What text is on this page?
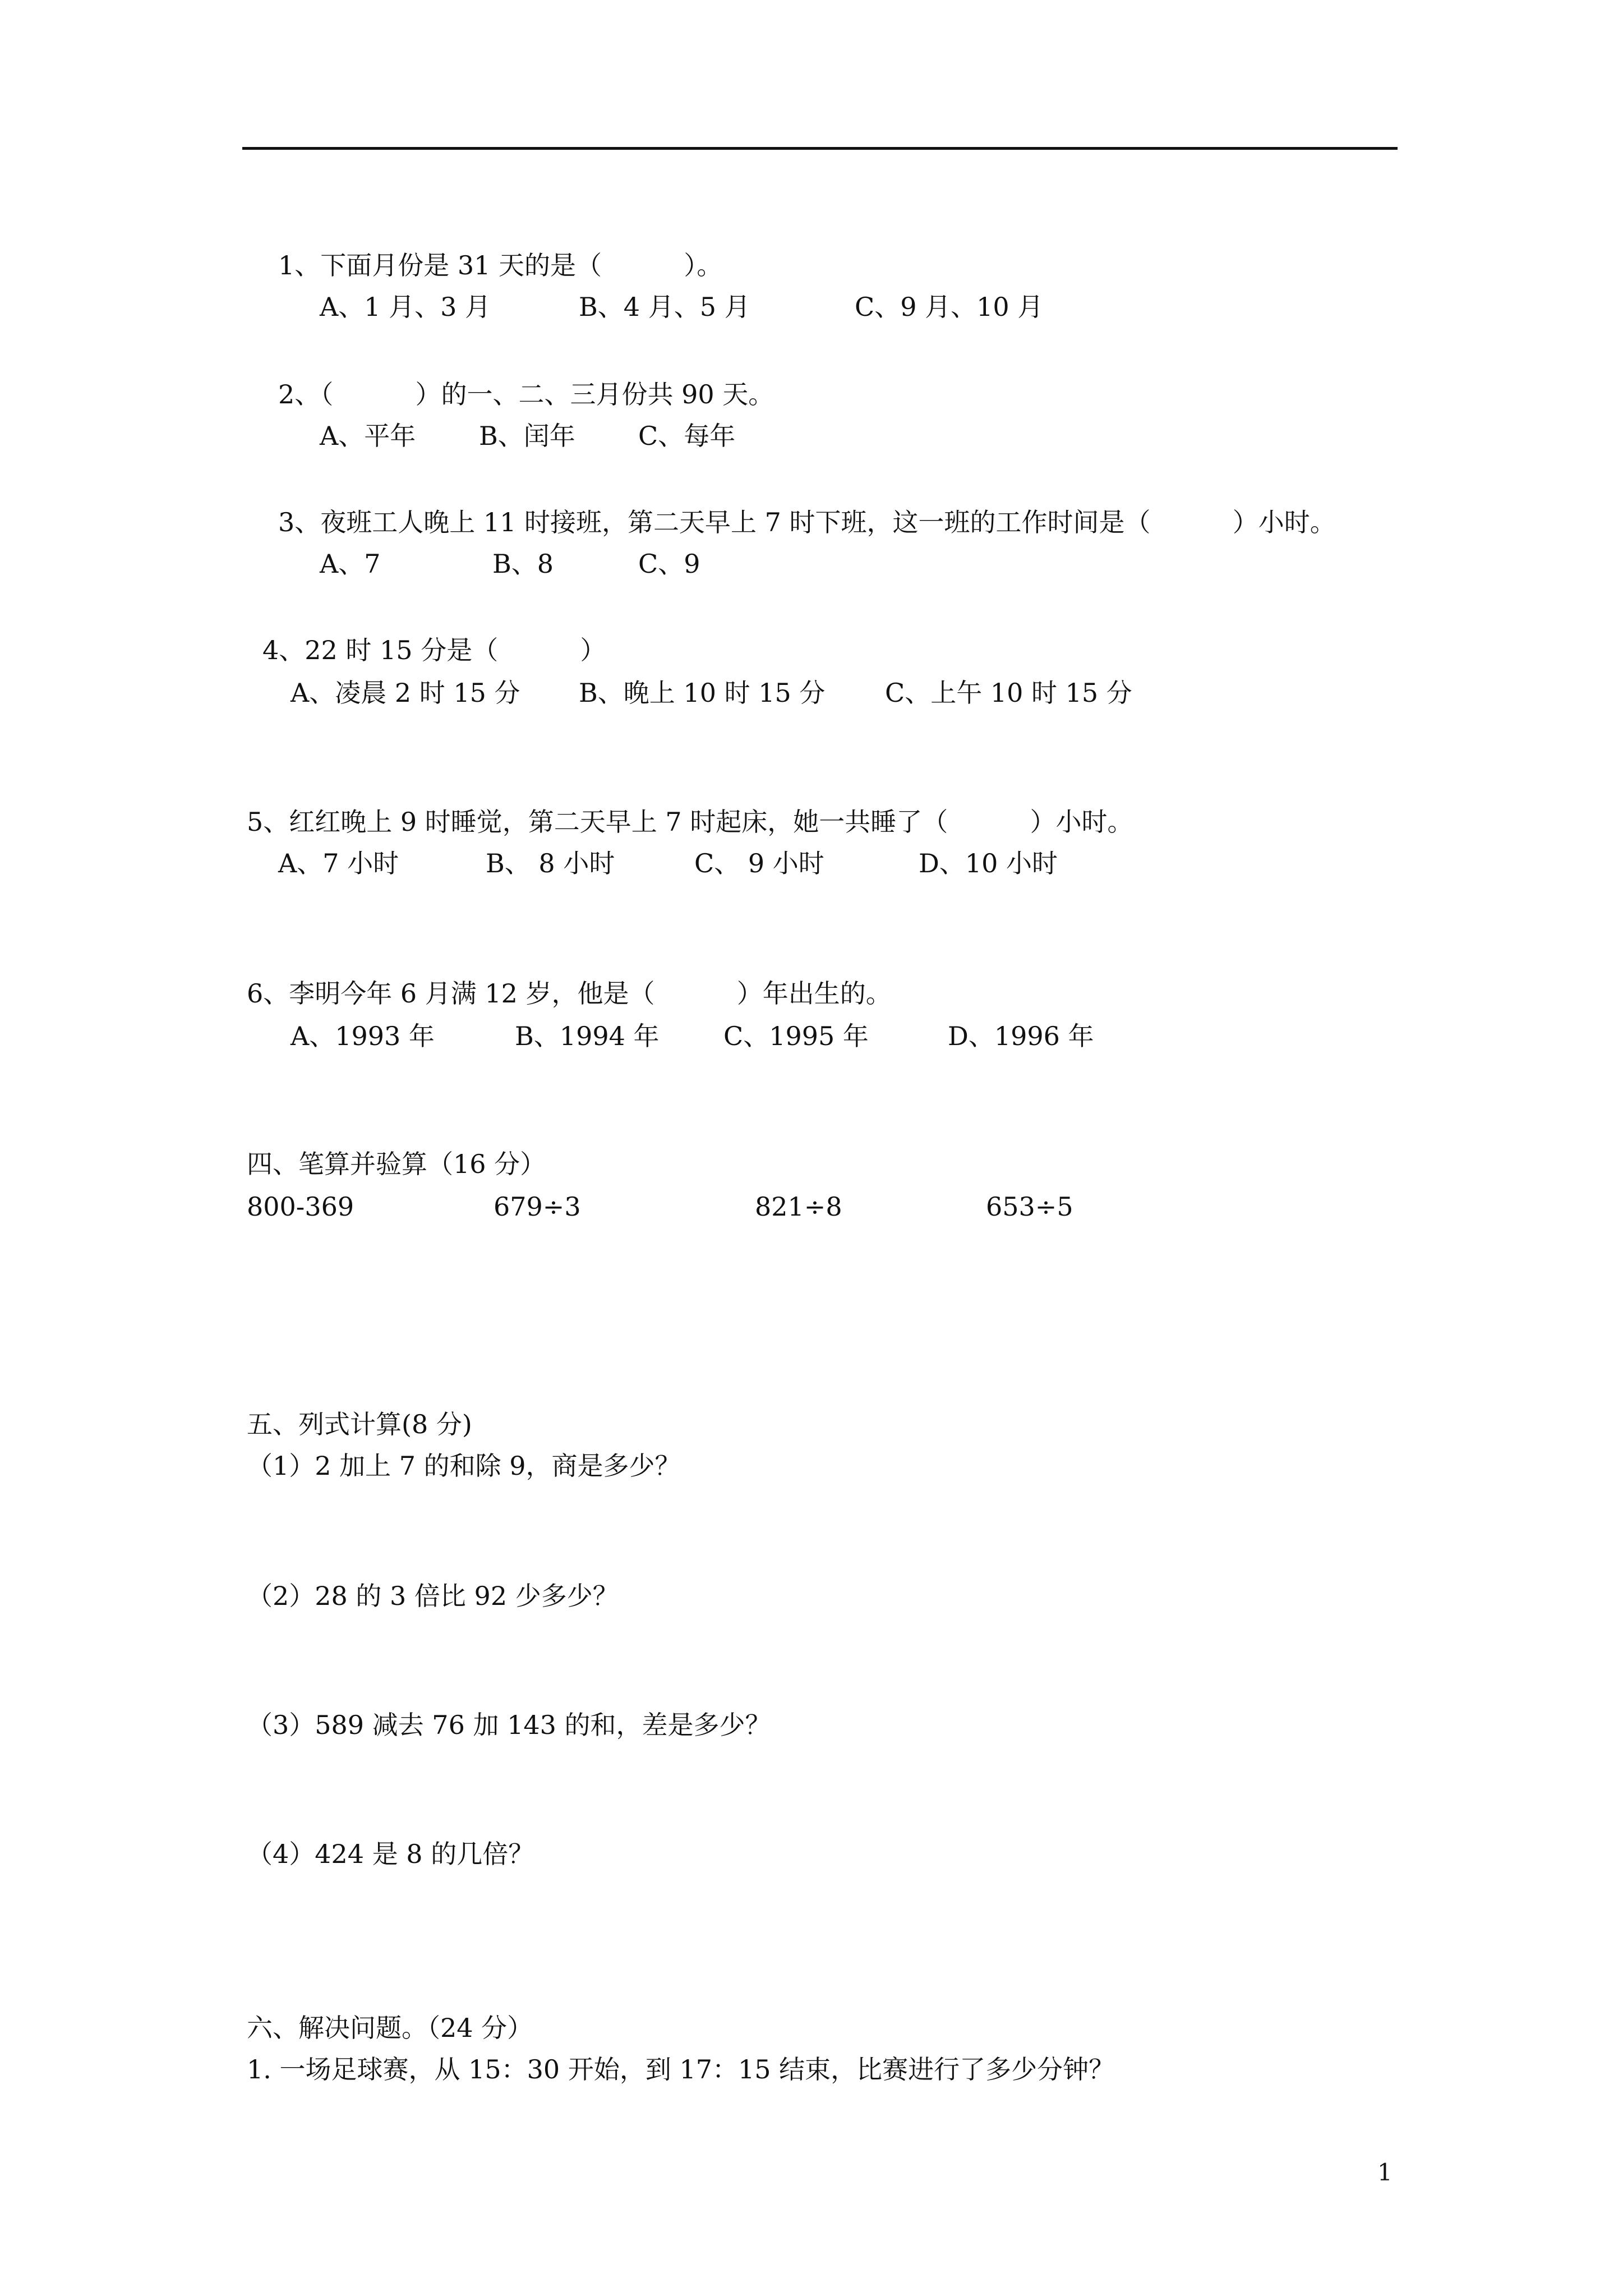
1、下面月份是 31 天的是（          ）。
A、1 月、3 月	B、4 月、5 月	C、9 月、10 月
2、（          ）的一、二、三月份共 90 天。
A、平年 B、闰年 C、每年
3、夜班工人晚上 11 时接班，第二天早上 7 时下班，这一班的工作时间是（          ）小时。
A、7	B、8	C、9
4、22 时 15 分是（          ）
A、凌晨 2 时 15 分 B、晚上 10 时 15 分 C、上午 10 时 15 分
5、红红晚上 9 时睡觉，第二天早上 7 时起床，她一共睡了（          ）小时。
A、7 小时	B、 8 小时	C、 9 小时	D、10 小时
6、李明今年 6 月满 12 岁，他是（          ）年出生的。
A、1993 年	B、1994 年 C、1995 年	D、1996 年
四、笔算并验算（16 分）
800-369	679÷3	821÷8	653÷5
五、列式计算(8 分)
（1）2 加上 7 的和除 9，商是多少？
（2）28 的 3 倍比 92 少多少？
（3）589 减去 76 加 143 的和，差是多少？
（4）424 是 8 的几倍？
六、解决问题。（24 分）
1. 一场足球赛，从 15：30 开始，到 17：15 结束，比赛进行了多少分钟？
1
